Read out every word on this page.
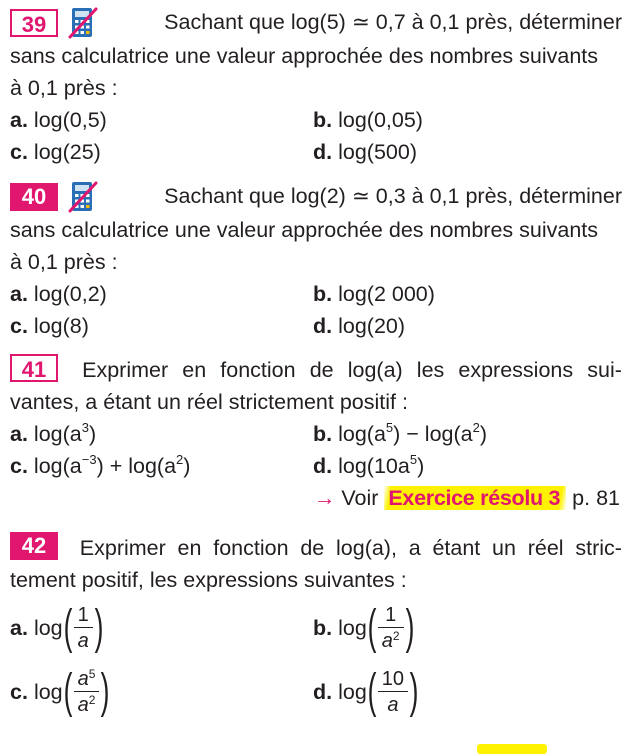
39	Sachant que log(5) ≃ 0,7 à 0,1 près, déterminer
sans calculatrice une valeur approchée des nombres suivants
à 0,1 près :
a. log(0,5)	b. log(0,05)
c. log(25)	d. log(500)
40	Sachant que log(2) ≃ 0,3 à 0,1 près, déterminer
sans calculatrice une valeur approchée des nombres suivants
à 0,1 près :
a. log(0,2)	b. log(2 000)
c. log(8)	d. log(20)
41	Exprimer en fonction de log(a) les expressions sui-
vantes, a étant un réel strictement positif :
a. $\log(a^3)$	b. $\log(a^5) - \log(a^2)$
c. $\log(a^{-3}) + \log(a^2)$	d. $\log(10a^5)$
→ Voir Exercice résolu 3 p. 81
42	Exprimer en fonction de log(a), a étant un réel stric-
tement positif, les expressions suivantes :
a. log ( $\frac{1}{a}$ )	b. log ( $\frac{1}{a^2}$ )
c. log ( $\frac{a^5}{a^2}$ )	d. log ( $\frac{10}{a}$ )
